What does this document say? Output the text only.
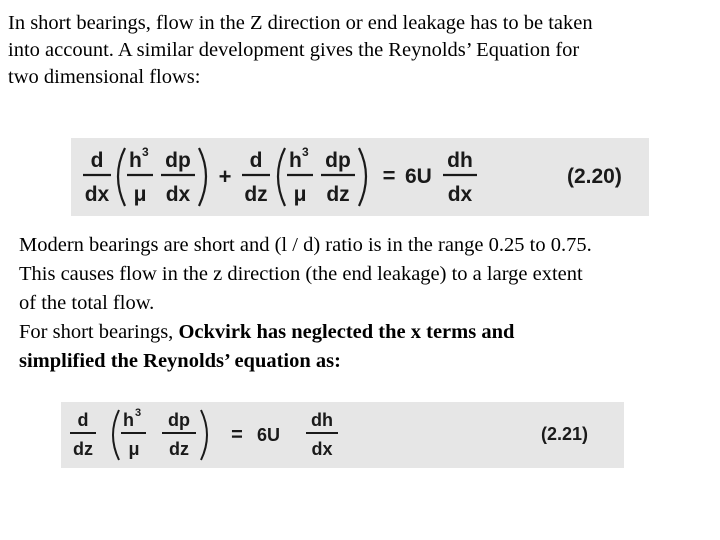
In short bearings, flow in the Z direction or end leakage has to be taken
into account. A similar development gives the Reynolds’ Equation for
two dimensional flows:
d
dx
h 3
μ
dp
dx
+
d
dz
h 3
μ
dp
dz
= 6U
dh
dx
(2.20)
Modern bearings are short and (l / d) ratio is in the range 0.25 to 0.75.
This causes flow in the z direction (the end leakage) to a large extent
of the total flow.
For short bearings, Ockvirk has neglected the x terms and
simplified the Reynolds’ equation as:
d
dz
h 3
μ
dp
dz
= 6U
dh
dx
(2.21)
